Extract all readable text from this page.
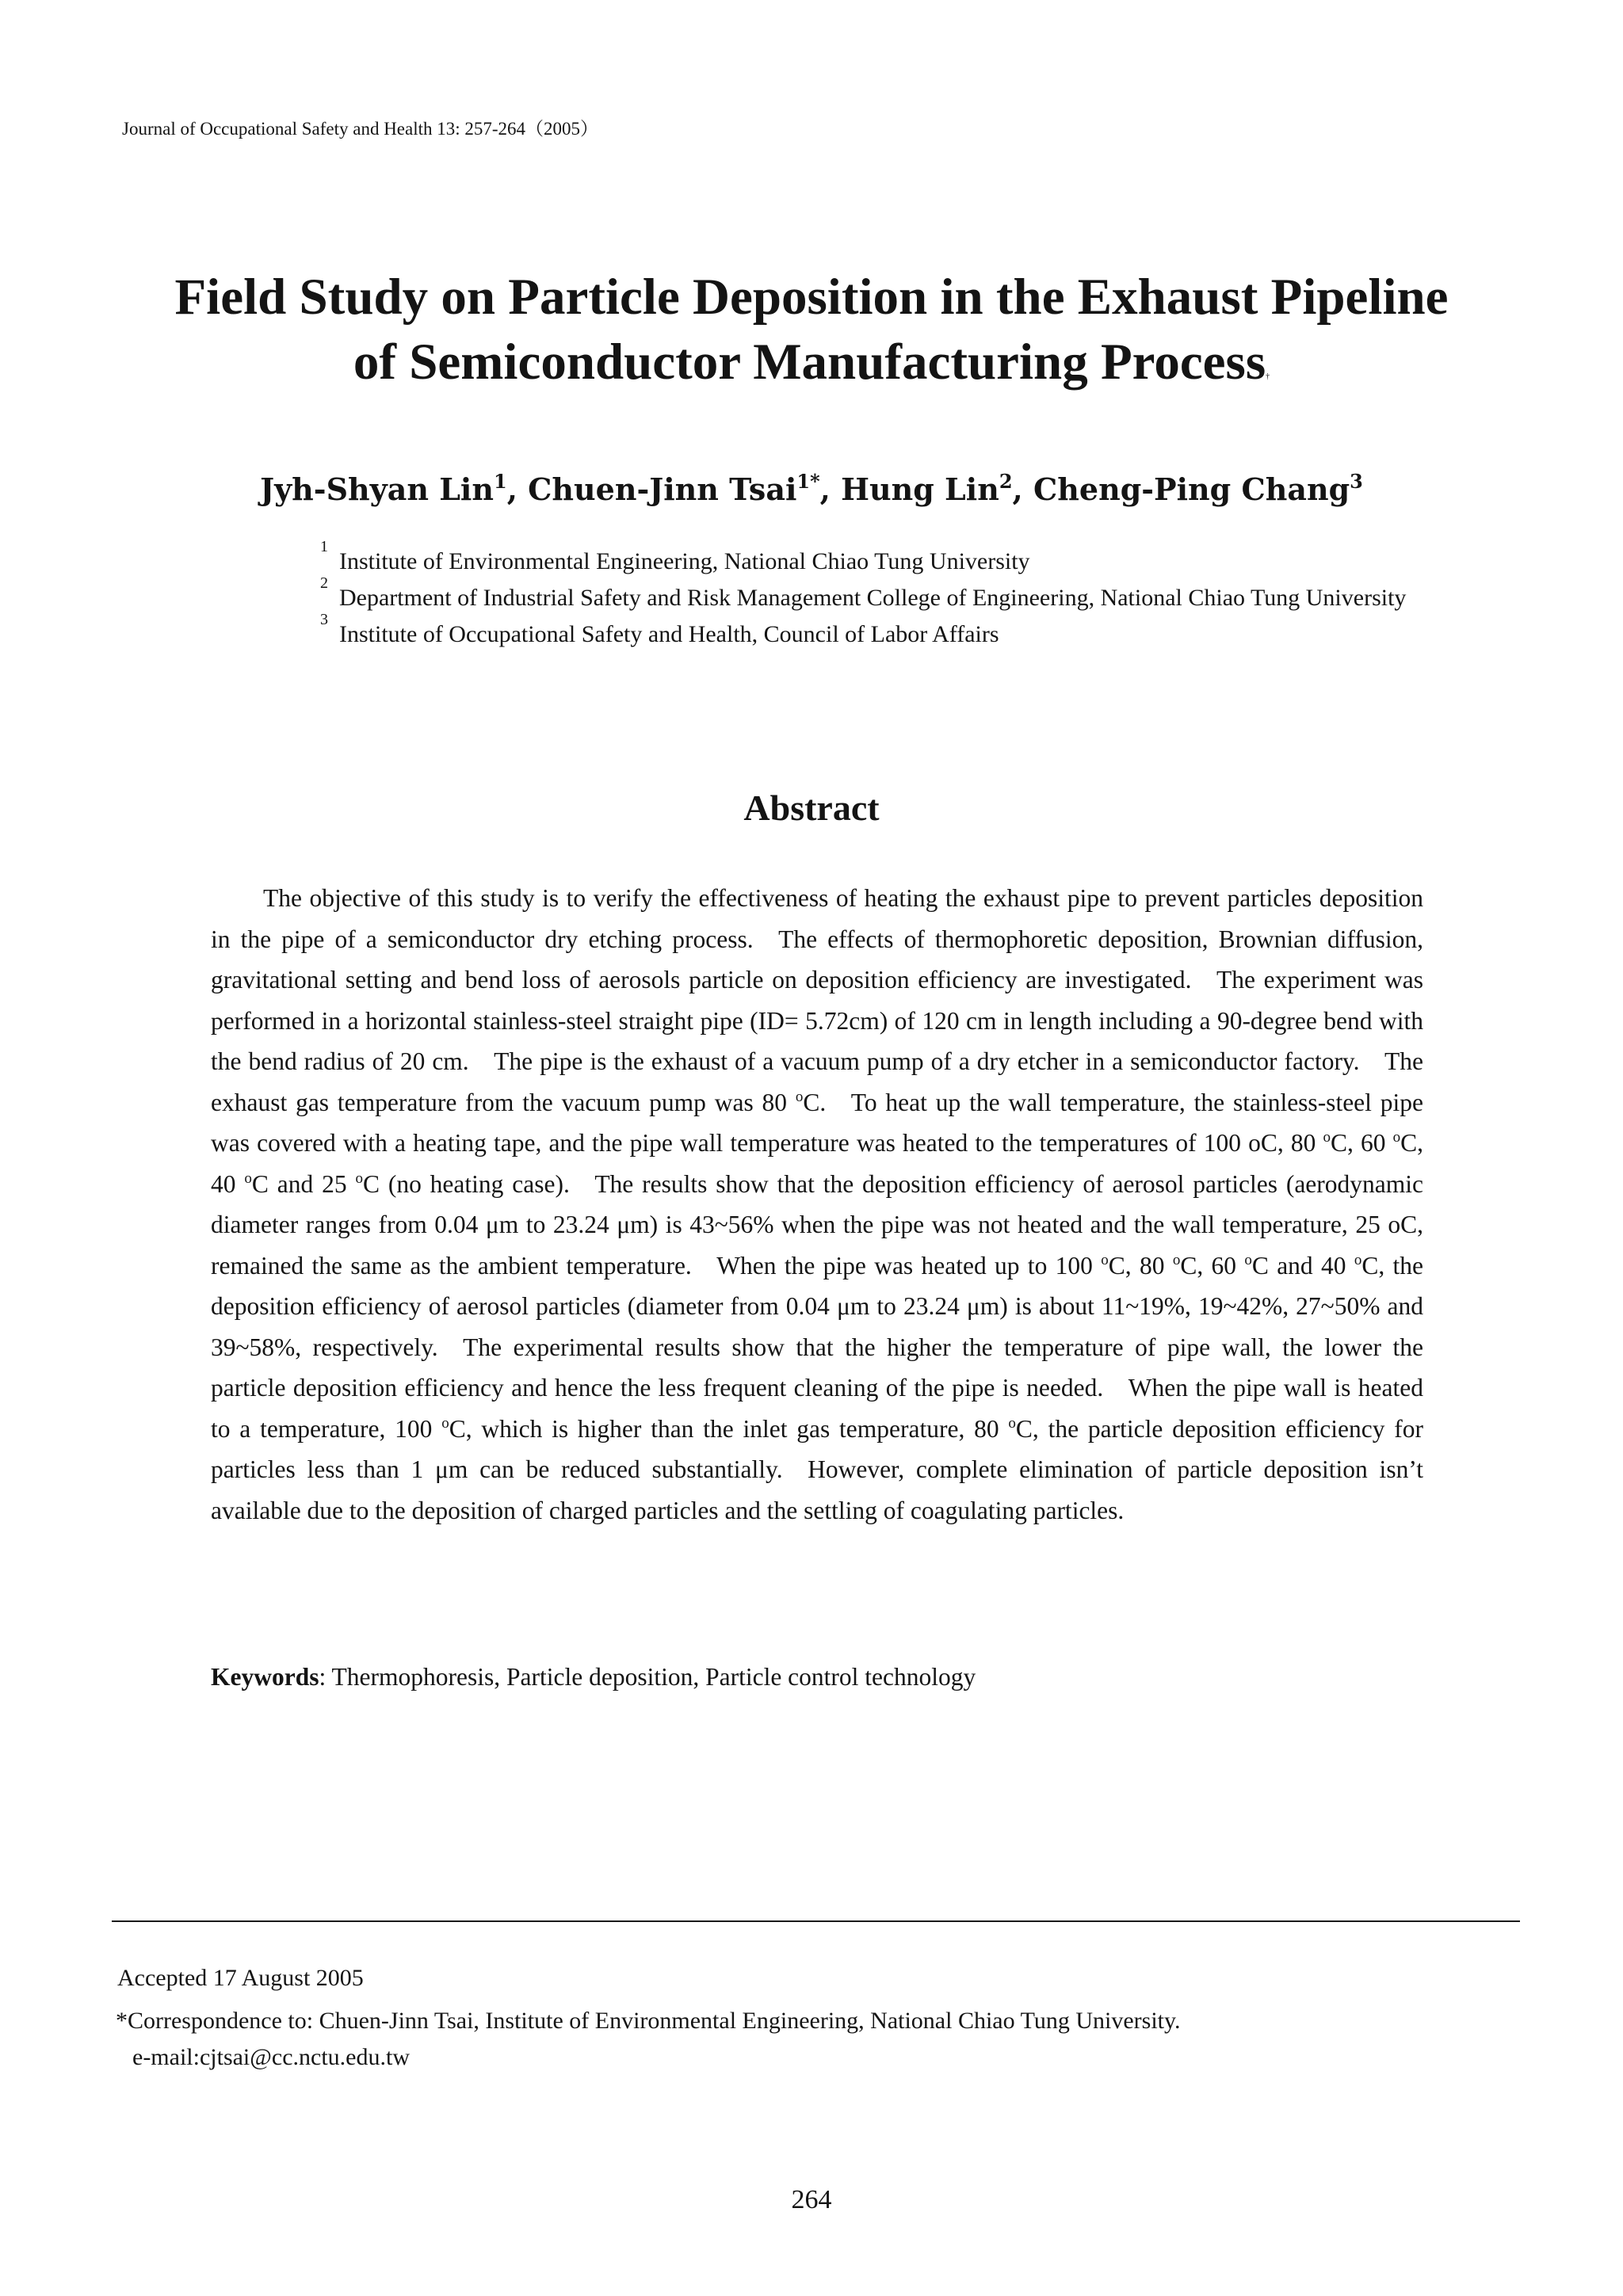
Journal of Occupational Safety and Health 13: 257-264（2005）
Field Study on Particle Deposition in the Exhaust Pipeline
of Semiconductor Manufacturing Process†
Jyh-Shyan Lin$^1$, Chuen-Jinn Tsai$^{1*}$, Hung Lin$^2$, Cheng-Ping Chang$^3$
1
Institute of Environmental Engineering, National Chiao Tung University
2
Department of Industrial Safety and Risk Management College of Engineering, National Chiao Tung University
3
Institute of Occupational Safety and Health, Council of Labor Affairs
Abstract

The objective of this study is to verify the effectiveness of heating the exhaust pipe to prevent particles deposition in the pipe of a semiconductor dry etching process. The effects of thermophoretic deposition, Brownian diffusion, gravitational setting and bend loss of aerosols particle on deposition efficiency are investigated. The experiment was performed in a horizontal stainless-steel straight pipe (ID= 5.72cm) of 120 cm in length including a 90-degree bend with the bend radius of 20 cm. The pipe is the exhaust of a vacuum pump of a dry etcher in a semiconductor factory. The exhaust gas temperature from the vacuum pump was 80 $^o$C. To heat up the wall temperature, the stainless-steel pipe was covered with a heating tape, and the pipe wall temperature was heated to the temperatures of 100 oC, 80 $^o$C, 60 $^o$C, 40 $^o$C and 25 $^o$C (no heating case). The results show that the deposition efficiency of aerosol particles (aerodynamic diameter ranges from 0.04 μm to 23.24 μm) is 43~56% when the pipe was not heated and the wall temperature, 25 oC, remained the same as the ambient temperature. When the pipe was heated up to 100 $^o$C, 80 $^o$C, 60 $^o$C and 40 $^o$C, the deposition efficiency of aerosol particles (diameter from 0.04 μm to 23.24 μm) is about 11~19%, 19~42%, 27~50% and 39~58%, respectively. The experimental results show that the higher the temperature of pipe wall, the lower the particle deposition efficiency and hence the less frequent cleaning of the pipe is needed. When the pipe wall is heated to a temperature, 100 $^o$C, which is higher than the inlet gas temperature, 80 $^o$C, the particle deposition efficiency for particles less than 1 μm can be reduced substantially. However, complete elimination of particle deposition isn’t available due to the deposition of charged particles and the settling of coagulating particles.

Keywords: Thermophoresis, Particle deposition, Particle control technology
Accepted 17 August 2005
*Correspondence to: Chuen-Jinn Tsai, Institute of Environmental Engineering, National Chiao Tung University.
e-mail:cjtsai@cc.nctu.edu.tw
264
